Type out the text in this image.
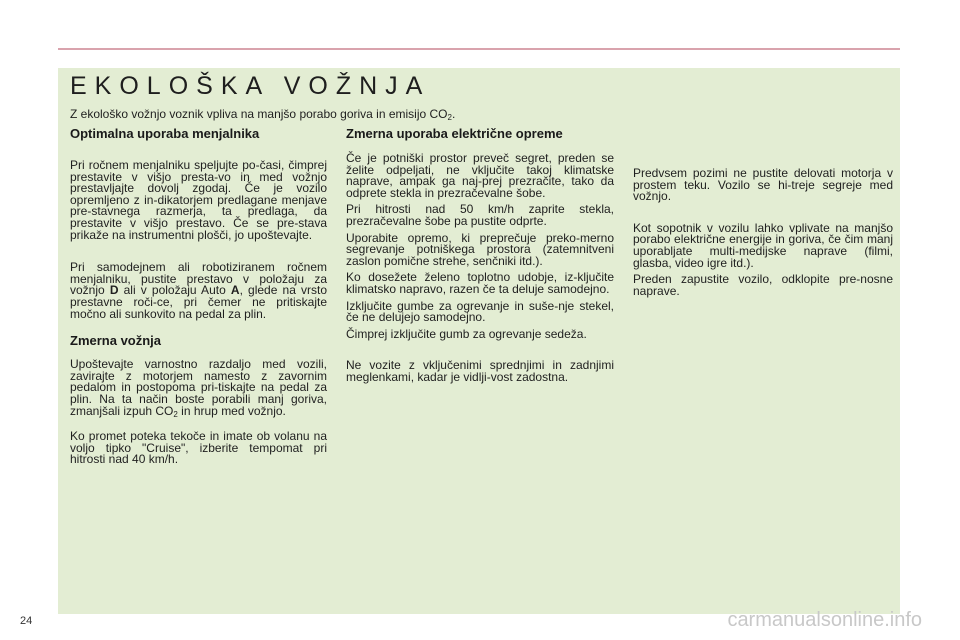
EKOLOŠKA VOŽNJA

Z ekološko vožnjo voznik vpliva na manjšo porabo goriva in emisijo $CO_2$.

Optimalna uporaba menjalnika

Pri ročnem menjalniku speljujte po-časi, čimprej prestavite v višjo presta-vo in med vožnjo prestavljajte dovolj zgodaj. Če je vozilo opremljeno z in-dikatorjem predlagane menjave pre-stavnega razmerja, ta predlaga, da prestavite v višjo prestavo. Če se pre-stava prikaže na instrumentni plošči, jo upoštevajte.

Pri samodejnem ali robotiziranem ročnem menjalniku, pustite prestavo v položaju za vožnjo D ali v položaju Auto A, glede na vrsto prestavne roči-ce, pri čemer ne pritiskajte močno ali sunkovito na pedal za plin.

Zmerna vožnja

Upoštevajte varnostno razdaljo med vozili, zavirajte z motorjem namesto z zavornim pedalom in postopoma pri-tiskajte na pedal za plin. Na ta način boste porabili manj goriva, zmanjšali izpuh $CO_2$ in hrup med vožnjo.

Ko promet poteka tekoče in imate ob volanu na voljo tipko "Cruise", izberite tempomat pri hitrosti nad 40 km/h.

Zmerna uporaba električne opreme

Če je potniški prostor preveč segret, preden se želite odpeljati, ne vključite takoj klimatske naprave, ampak ga naj-prej prezračite, tako da odprete stekla in prezračevalne šobe.

Pri hitrosti nad 50 km/h zaprite stekla, prezračevalne šobe pa pustite odprte.

Uporabite opremo, ki preprečuje preko-merno segrevanje potniškega prostora (zatemnitveni zaslon pomične strehe, senčniki itd.).

Ko dosežete želeno toplotno udobje, iz-ključite klimatsko napravo, razen če ta deluje samodejno.

Izključite gumbe za ogrevanje in suše-nje stekel, če ne delujejo samodejno.

Čimprej izključite gumb za ogrevanje sedeža.

Ne vozite z vključenimi sprednjimi in zadnjimi meglenkami, kadar je vidlji-vost zadostna.

Predvsem pozimi ne pustite delovati motorja v prostem teku. Vozilo se hi-treje segreje med vožnjo.

Kot sopotnik v vozilu lahko vplivate na manjšo porabo električne energije in goriva, če čim manj uporabljate multi-medijske naprave (filmi, glasba, video igre itd.).

Preden zapustite vozilo, odklopite pre-nosne naprave.

24	carmanualsonline.info
